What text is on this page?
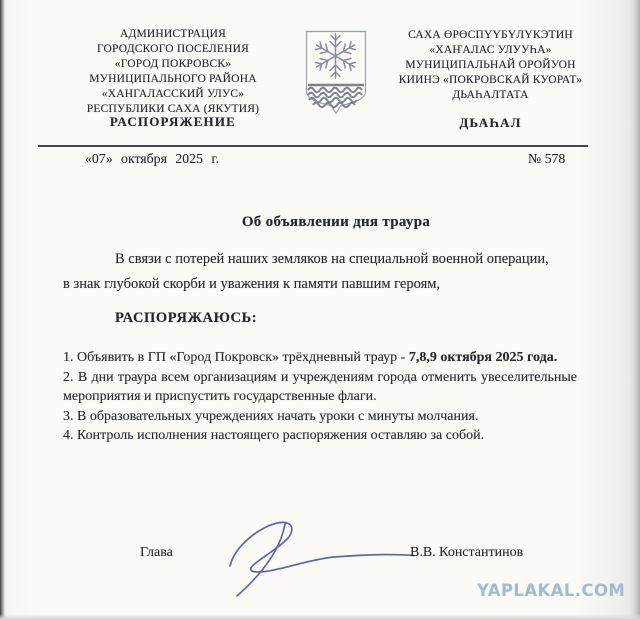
АДМИНИСТРАЦИЯ
ГОРОДСКОГО ПОСЕЛЕНИЯ
«ГОРОД ПОКРОВСК»
МУНИЦИПАЛЬНОГО РАЙОНА
«ХАНГАЛАССКИЙ УЛУС»
РЕСПУБЛИКИ САХА (ЯКУТИЯ)
РАСПОРЯЖЕНИЕ
САХА ӨРӨСПҮҮБҮЛҮКЭТИН
«ХАҤАЛАС УЛУУҺА»
МУНИЦИПАЛЬНАЙ ОРОЙУОН
КИИНЭ «ПОКРОВСКАЙ КУОРАТ»
ДЬАҺАЛТАТА
ДЬАҺАЛ
«07» октября 2025 г.	№ 578
Об объявлении дня траура
В связи с потерей наших земляков на специальной военной операции,
в знак глубокой скорби и уважения к памяти павшим героям,
РАСПОРЯЖАЮСЬ:

1. Объявить в ГП «Город Покровск» трёхдневный траур - 7,8,9 октября 2025 года.

2. В дни траура всем организациям и учреждениям города отменить увеселительные мероприятия и приспустить государственные флаги.

3. В образовательных учреждениях начать уроки с минуты молчания.

4. Контроль исполнения настоящего распоряжения оставляю за собой.

Глава	В.В. Константинов
YAPLAKAL.COM
